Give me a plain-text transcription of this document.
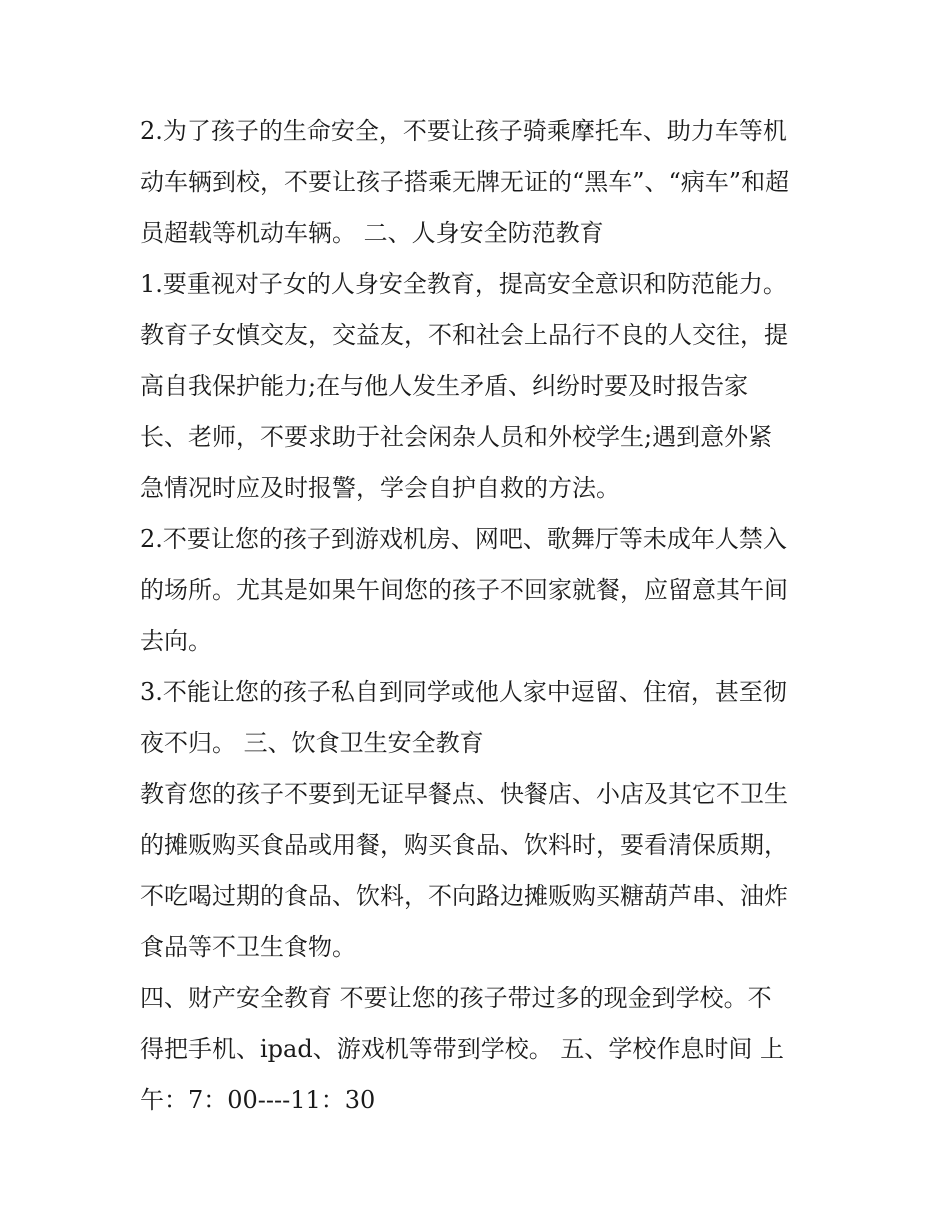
2.为了孩子的生命安全，不要让孩子骑乘摩托车、助力车等机
动车辆到校，不要让孩子搭乘无牌无证的“黑车”、“病车”和超
员超载等机动车辆。 二、人身安全防范教育
1.要重视对子女的人身安全教育，提高安全意识和防范能力。
教育子女慎交友，交益友，不和社会上品行不良的人交往，提
高自我保护能力;在与他人发生矛盾、纠纷时要及时报告家
长、老师，不要求助于社会闲杂人员和外校学生;遇到意外紧
急情况时应及时报警，学会自护自救的方法。
2.不要让您的孩子到游戏机房、网吧、歌舞厅等未成年人禁入
的场所。尤其是如果午间您的孩子不回家就餐，应留意其午间
去向。
3.不能让您的孩子私自到同学或他人家中逗留、住宿，甚至彻
夜不归。 三、饮食卫生安全教育
教育您的孩子不要到无证早餐点、快餐店、小店及其它不卫生
的摊贩购买食品或用餐，购买食品、饮料时，要看清保质期，
不吃喝过期的食品、饮料，不向路边摊贩购买糖葫芦串、油炸
食品等不卫生食物。
四、财产安全教育 不要让您的孩子带过多的现金到学校。不
得把手机、ipad、游戏机等带到学校。 五、学校作息时间 上
午：7：00----11：30
